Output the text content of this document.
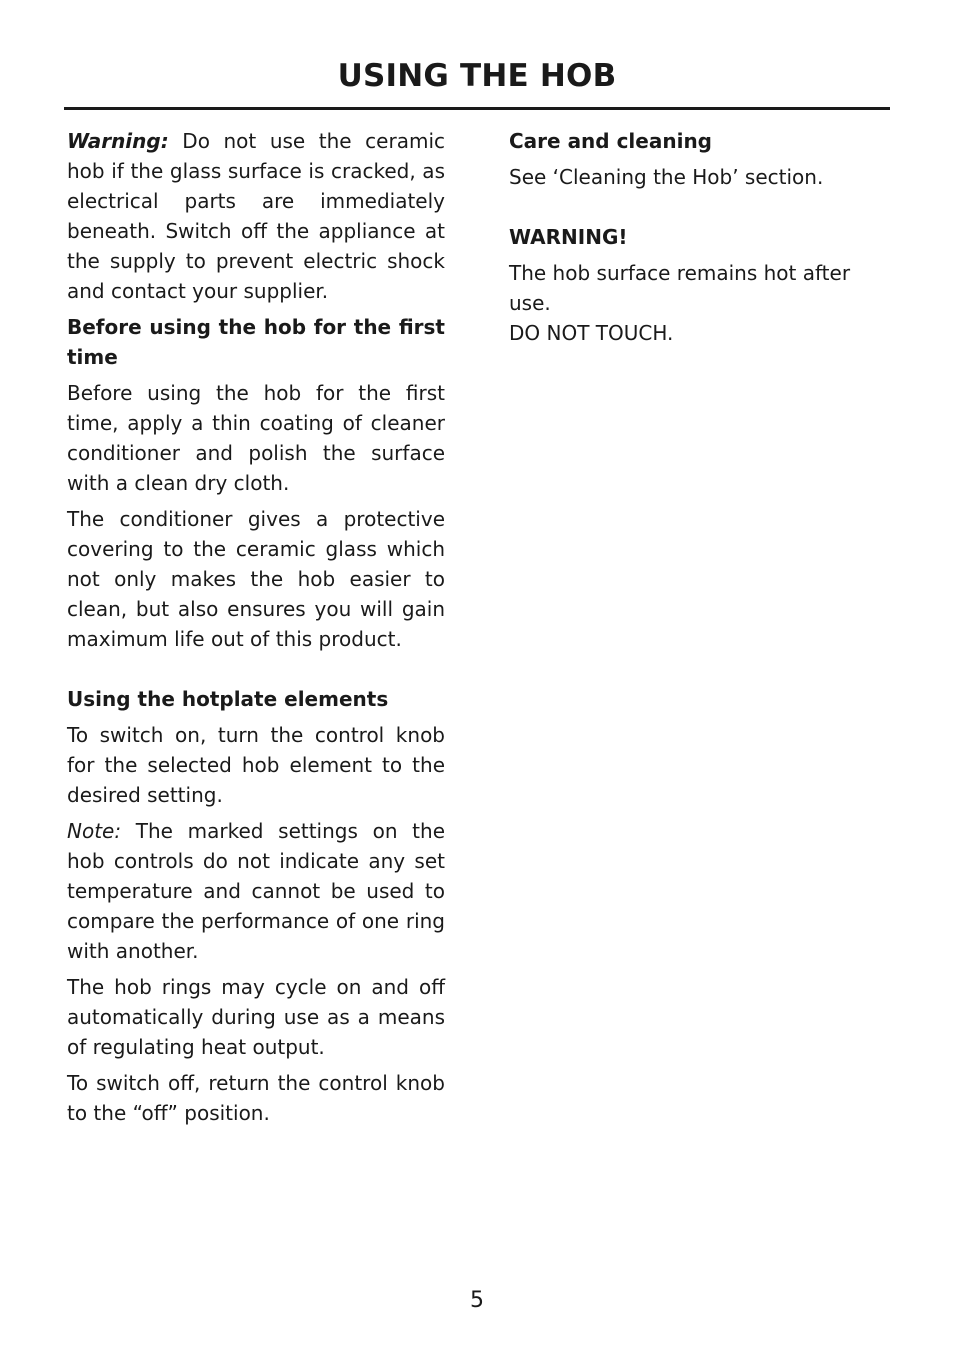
USING THE HOB

Warning: Do not use the ceramic hob if the glass surface is cracked, as electrical parts are immediately beneath. Switch off the appliance at the supply to prevent electric shock and contact your supplier.

Before using the hob for the first time

Before using the hob for the first time, apply a thin coating of cleaner conditioner and polish the surface with a clean dry cloth.

The conditioner gives a protective covering to the ceramic glass which not only makes the hob easier to clean, but also ensures you will gain maximum life out of this product.

Using the hotplate elements

To switch on, turn the control knob for the selected hob element to the desired setting.

Note: The marked settings on the hob controls do not indicate any set temperature and cannot be used to compare the performance of one ring with another.

The hob rings may cycle on and off automatically during use as a means of regulating heat output.

To switch off, return the control knob to the “off” position.

Care and cleaning

See ‘Cleaning the Hob’ section.

WARNING!

The hob surface remains hot after use.

DO NOT TOUCH.

5
